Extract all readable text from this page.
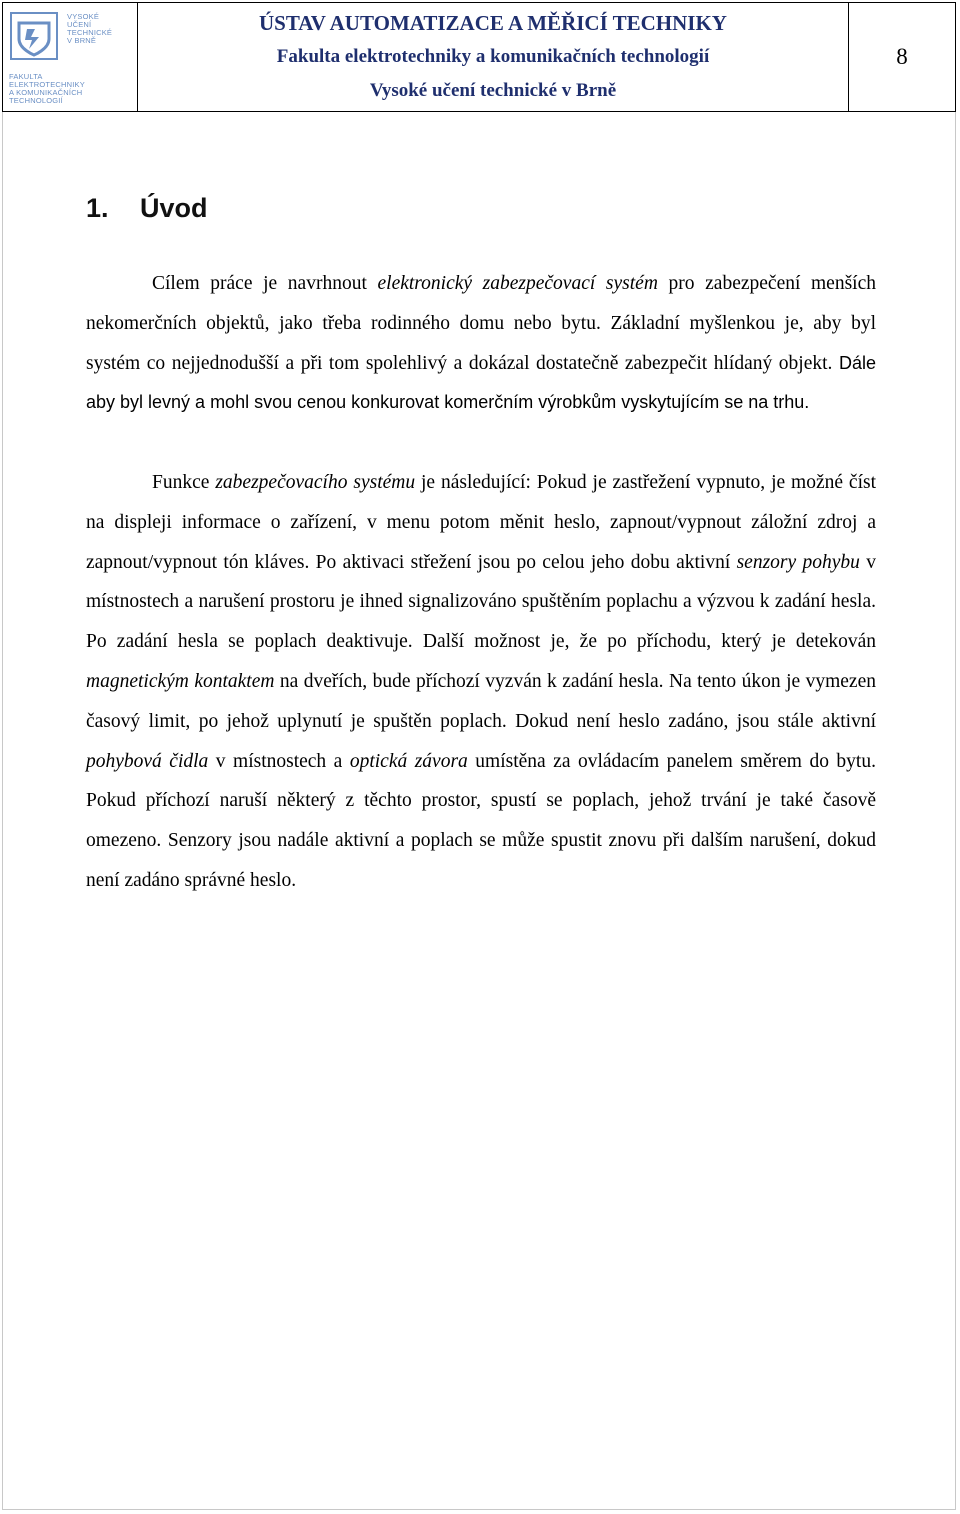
VYSOKÉ
UČENÍ
TECHNICKÉ
V BRNĚ
FAKULTA
ELEKTROTECHNIKY
A KOMUNIKAČNÍCH
TECHNOLOGIÍ
ÚSTAV AUTOMATIZACE A MĚŘICÍ TECHNIKY
Fakulta elektrotechniky a komunikačních technologií
Vysoké učení technické v Brně
8
1. Úvod

Cílem práce je navrhnout elektronický zabezpečovací systém pro zabezpečení menších nekomerčních objektů, jako třeba rodinného domu nebo bytu. Základní myšlenkou je, aby byl systém co nejjednodušší a při tom spolehlivý a dokázal dostatečně zabezpečit hlídaný objekt. Dále aby byl levný a mohl svou cenou konkurovat komerčním výrobkům vyskytujícím se na trhu.

Funkce zabezpečovacího systému je následující: Pokud je zastřežení vypnuto, je možné číst na displeji informace o zařízení, v menu potom měnit heslo, zapnout/vypnout záložní zdroj a zapnout/vypnout tón kláves. Po aktivaci střežení jsou po celou jeho dobu aktivní senzory pohybu v místnostech a narušení prostoru je ihned signalizováno spuštěním poplachu a výzvou k zadání hesla. Po zadání hesla se poplach deaktivuje. Další možnost je, že po příchodu, který je detekován magnetickým kontaktem na dveřích, bude příchozí vyzván k zadání hesla. Na tento úkon je vymezen časový limit, po jehož uplynutí je spuštěn poplach. Dokud není heslo zadáno, jsou stále aktivní pohybová čidla v místnostech a optická závora umístěna za ovládacím panelem směrem do bytu. Pokud příchozí naruší některý z těchto prostor, spustí se poplach, jehož trvání je také časově omezeno. Senzory jsou nadále aktivní a poplach se může spustit znovu při dalším narušení, dokud není zadáno správné heslo.
